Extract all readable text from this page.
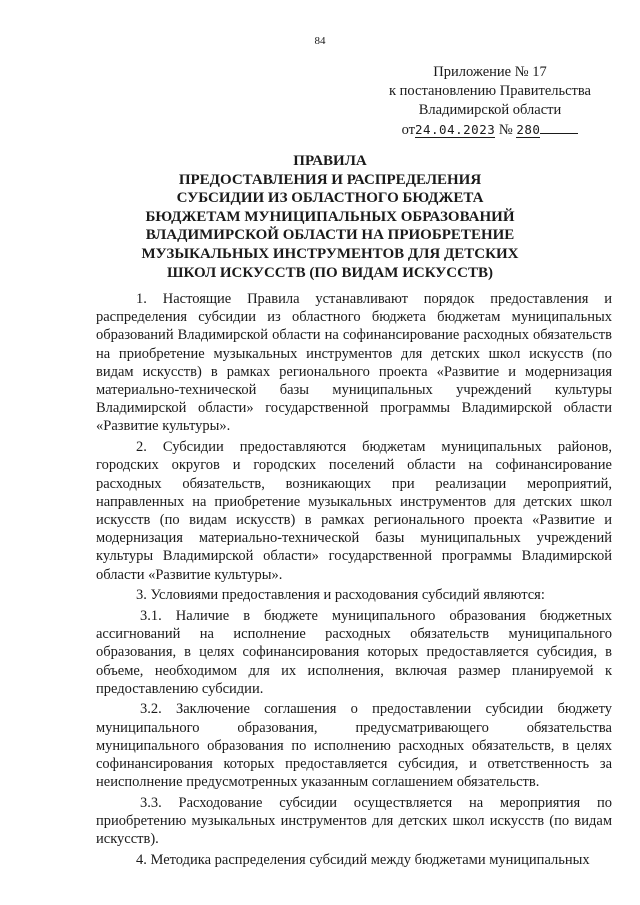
84
Приложение № 17
к постановлению Правительства
Владимирской области
от24.04.2023 № 280
ПРАВИЛА
ПРЕДОСТАВЛЕНИЯ И РАСПРЕДЕЛЕНИЯ
СУБСИДИИ ИЗ ОБЛАСТНОГО БЮДЖЕТА
БЮДЖЕТАМ МУНИЦИПАЛЬНЫХ ОБРАЗОВАНИЙ
ВЛАДИМИРСКОЙ ОБЛАСТИ НА ПРИОБРЕТЕНИЕ
МУЗЫКАЛЬНЫХ ИНСТРУМЕНТОВ ДЛЯ ДЕТСКИХ
ШКОЛ ИСКУССТВ (ПО ВИДАМ ИСКУССТВ)

1. Настоящие Правила устанавливают порядок предоставления и распределения субсидии из областного бюджета бюджетам муниципальных образований Владимирской области на софинансирование расходных обязательств на приобретение музыкальных инструментов для детских школ искусств (по видам искусств) в рамках регионального проекта «Развитие и модернизация материально-технической базы муниципальных учреждений культуры Владимирской области» государственной программы Владимирской области «Развитие культуры».

2. Субсидии предоставляются бюджетам муниципальных районов, городских округов и городских поселений области на софинансирование расходных обязательств, возникающих при реализации мероприятий, направленных на приобретение музыкальных инструментов для детских школ искусств (по видам искусств) в рамках регионального проекта «Развитие и модернизация материально-технической базы муниципальных учреждений культуры Владимирской области» государственной программы Владимирской области «Развитие культуры».

3. Условиями предоставления и расходования субсидий являются:

3.1. Наличие в бюджете муниципального образования бюджетных ассигнований на исполнение расходных обязательств муниципального образования, в целях софинансирования которых предоставляется субсидия, в объеме, необходимом для их исполнения, включая размер планируемой к предоставлению субсидии.

3.2. Заключение соглашения о предоставлении субсидии бюджету муниципального образования, предусматривающего обязательства муниципального образования по исполнению расходных обязательств, в целях софинансирования которых предоставляется субсидия, и ответственность за неисполнение предусмотренных указанным соглашением обязательств.

3.3. Расходование субсидии осуществляется на мероприятия по приобретению музыкальных инструментов для детских школ искусств (по видам искусств).

4. Методика распределения субсидий между бюджетами муниципальных
